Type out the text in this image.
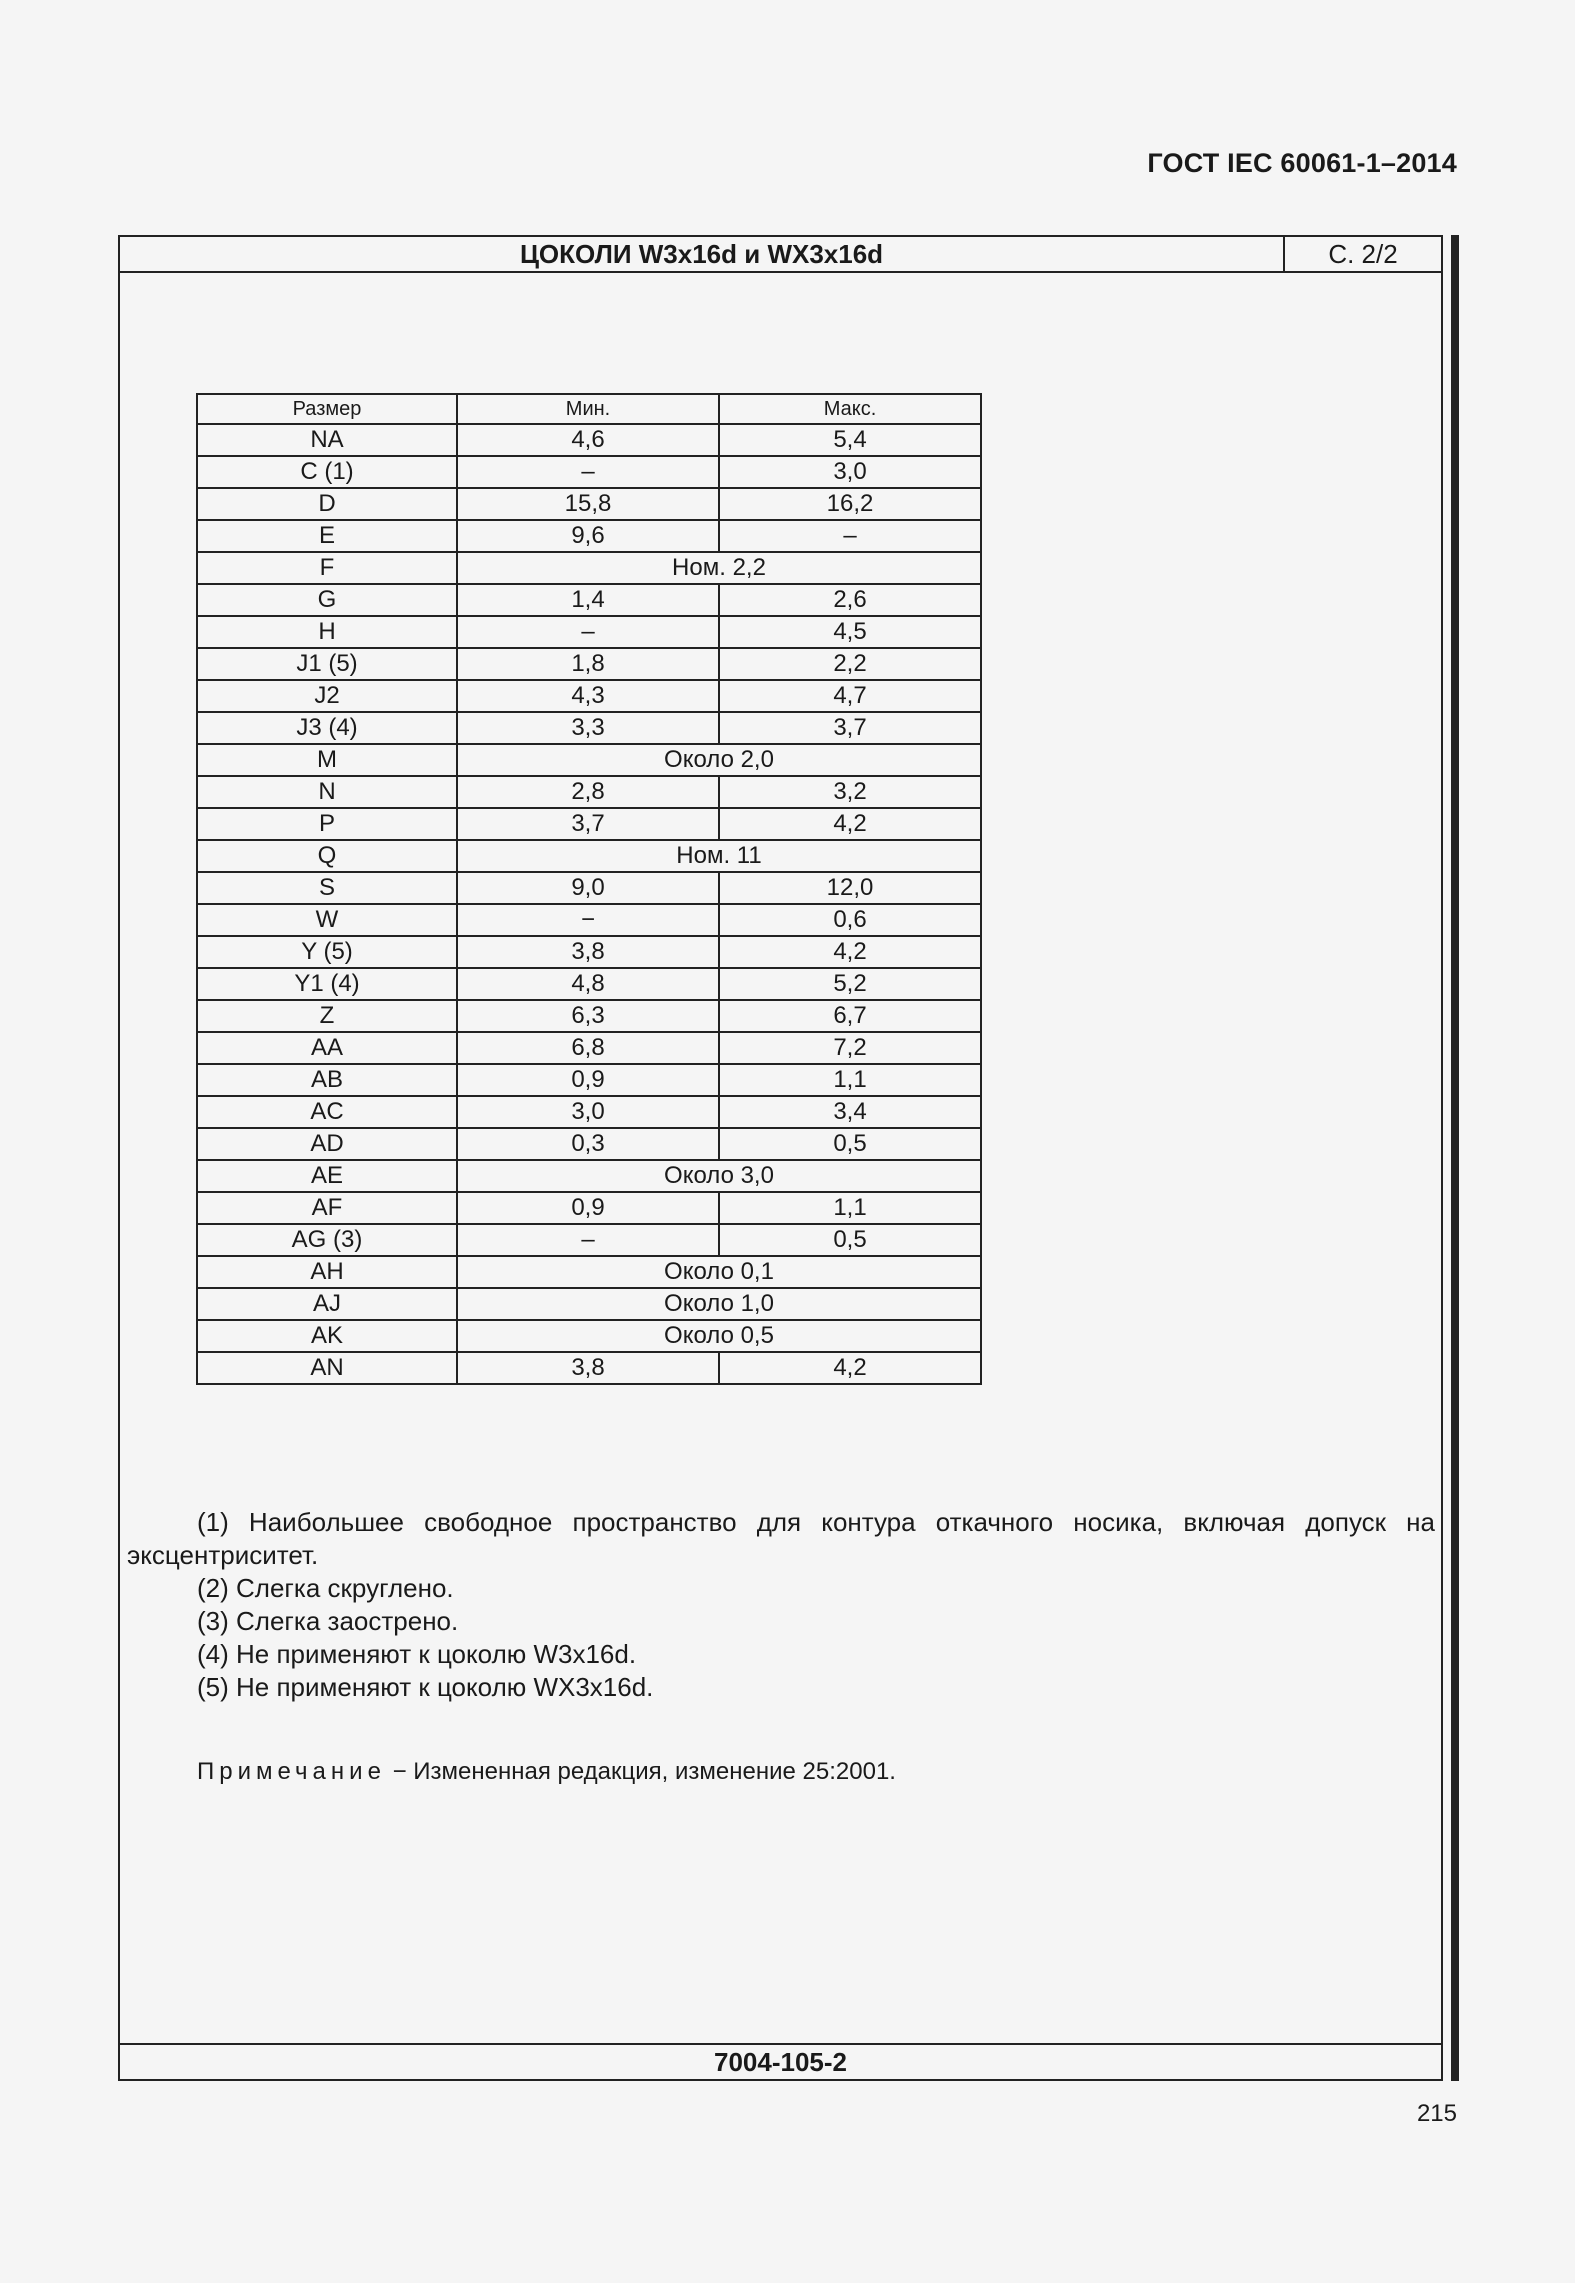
ГОСТ IEC 60061-1–2014
ЦОКОЛИ W3x16d и WX3x16d	С. 2/2
7004-105-2
Размер	Мин.	Макс.
NA	4,6	5,4
C (1)	–	3,0
D	15,8	16,2
E	9,6	–
F	Ном. 2,2	
G	1,4	2,6
H	–	4,5
J1 (5)	1,8	2,2
J2	4,3	4,7
J3 (4)	3,3	3,7
M	Около 2,0	
N	2,8	3,2
P	3,7	4,2
Q	Ном. 11	
S	9,0	12,0
W	−	0,6
Y (5)	3,8	4,2
Y1 (4)	4,8	5,2
Z	6,3	6,7
AA	6,8	7,2
AB	0,9	1,1
AC	3,0	3,4
AD	0,3	0,5
AE	Около 3,0	
AF	0,9	1,1
AG (3)	–	0,5
AH	Около 0,1	
AJ	Около 1,0	
AK	Около 0,5	
AN	3,8	4,2

(1) Наибольшее свободное пространство для контура откачного носика, включая допуск на эксцентриситет.

(2) Слегка скруглено.

(3) Слегка заострено.

(4) Не применяют к цоколю W3x16d.

(5) Не применяют к цоколю WX3x16d.

Примечание − Измененная редакция, изменение 25:2001.
215
